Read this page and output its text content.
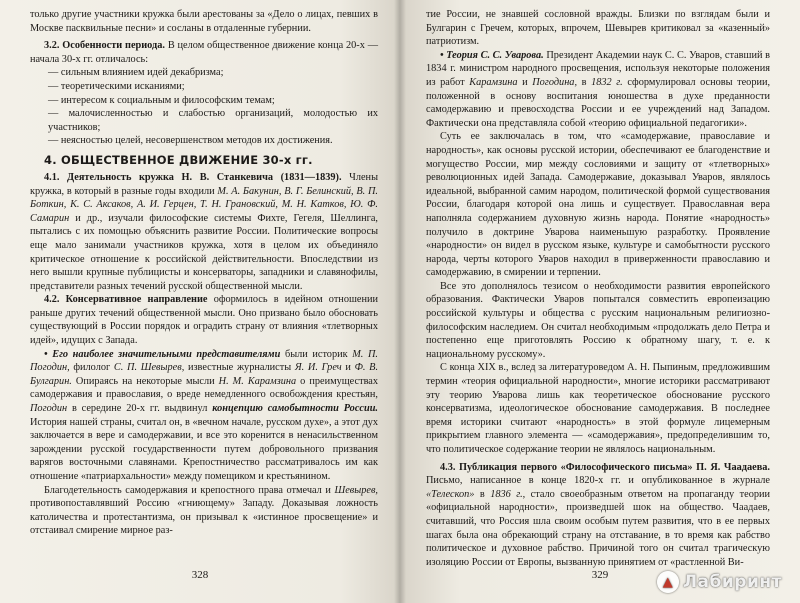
только другие участники кружка были арестованы за «Дело о лицах, певших в Москве пасквильные песни» и сосланы в отдаленные губернии.

3.2. Особенности периода. В целом общественное движение конца 20-х — начала 30-х гг. отличалось:

— сильным влиянием идей декабризма;

— теоретическими исканиями;

— интересом к социальным и философским темам;

— малочисленностью и слабостью организаций, молодостью их участников;

— неясностью целей, несовершенством методов их достижения.

4. ОБЩЕСТВЕННОЕ ДВИЖЕНИЕ 30-х гг.

4.1. Деятельность кружка Н. В. Станкевича (1831—1839). Члены кружка, в который в разные годы входили М. А. Бакунин, В. Г. Белинский, В. П. Боткин, К. С. Аксаков, А. И. Герцен, Т. Н. Грановский, М. Н. Катков, Ю. Ф. Самарин и др., изучали философские системы Фихте, Гегеля, Шеллинга, пытались с их помощью объяснить развитие России. Политические вопросы еще мало занимали участников кружка, хотя в целом их объединяло критическое отношение к российской действительности. Впоследствии из него вышли крупные публицисты и консерваторы, западники и славянофилы, представители разных течений русской общественной мысли.

4.2. Консервативное направление оформилось в идейном отношении раньше других течений общественной мысли. Оно призвано было обосновать существующий в России порядок и оградить страну от влияния «тлетворных идей», идущих с Запада.

• Его наиболее значительными представителями были историк М. П. Погодин, филолог С. П. Шевырев, известные журналисты Я. И. Греч и Ф. В. Булгарин. Опираясь на некоторые мысли Н. М. Карамзина о преимуществах самодержавия и православия, о вреде немедленного освобождения крестьян, Погодин в середине 20-х гг. выдвинул концепцию самобытности России. История нашей страны, считал он, в «вечном начале, русском духе», а этот дух заключается в вере и самодержавии, и все это коренится в ненасильственном зарождении русской государственности путем добровольного призвания варягов восточными славянами. Крепостничество рассматривалось им как отношение «патриархальности» между помещиком и крестьянином.

Благодетельность самодержавия и крепостного права отмечал и Шевырев, противопоставлявший Россию «гниющему» Западу. Доказывая ложность католичества и протестантизма, он призывал к «истинное просвещение» и отстаивал смирение мирное раз-

328

тие России, не знавшей сословной вражды. Близки по взглядам были и Булгарин с Гречем, которых, впрочем, Шевырев критиковал за «казенный» патриотизм.

• Теория С. С. Уварова. Президент Академии наук С. С. Уваров, ставший в 1834 г. министром народного просвещения, используя некоторые положения из работ Карамзина и Погодина, в 1832 г. сформулировал основы теории, положенной в основу воспитания юношества в духе преданности самодержавию и превосходства России и ее учреждений над Западом. Фактически она представляла собой «теорию официальной педагогики».

Суть ее заключалась в том, что «самодержавие, православие и народность», как основы русской истории, обеспечивают ее благоденствие и могущество России, мир между сословиями и защиту от «тлетворных» революционных идей Запада. Самодержавие, доказывал Уваров, являлось идеальной, выбранной самим народом, политической формой существования России, благодаря которой она лишь и существует. Православная вера наполняла содержанием духовную жизнь народа. Понятие «народность» получило в доктрине Уварова наименьшую разработку. Проявление «народности» он видел в русском языке, культуре и самобытности русского народа, черты которого Уваров находил в приверженности православию и самодержавию, в смирении и терпении.

Все это дополнялось тезисом о необходимости развития европейского образования. Фактически Уваров попытался совместить европеизацию российской культуры и общества с русским национальным религиозно-философским наследием. Он считал необходимым «продолжать дело Петра и постепенно еще приготовлять Россию к обратному шагу, т. е. к национальному русскому».

С конца XIX в., вслед за литературоведом А. Н. Пыпиным, предложившим термин «теория официальной народности», многие историки рассматривают эту теорию Уварова лишь как теоретическое обоснование русского консерватизма, идеологическое обоснование самодержавия. В последнее время историки считают «народность» в этой формуле лицемерным прикрытием главного элемента — «самодержавия», предопределившим то, что политическое содержание теории не являлось национальным.

4.3. Публикация первого «Философического письма» П. Я. Чаадаева. Письмо, написанное в конце 1820-х гг. и опубликованное в журнале «Телескоп» в 1836 г., стало своеобразным ответом на пропаганду теории «официальной народности», произведшей шок на общество. Чаадаев, считавший, что Россия шла своим особым путем развития, что в ее первых шагах была она обрекающий страну на отставание, в то время как рабство политическое и духовное рабство. Причиной того он считал трагическую изоляцию России от Европы, вызванную принятием от «растленной Ви-

329	▲ Лабиринт
